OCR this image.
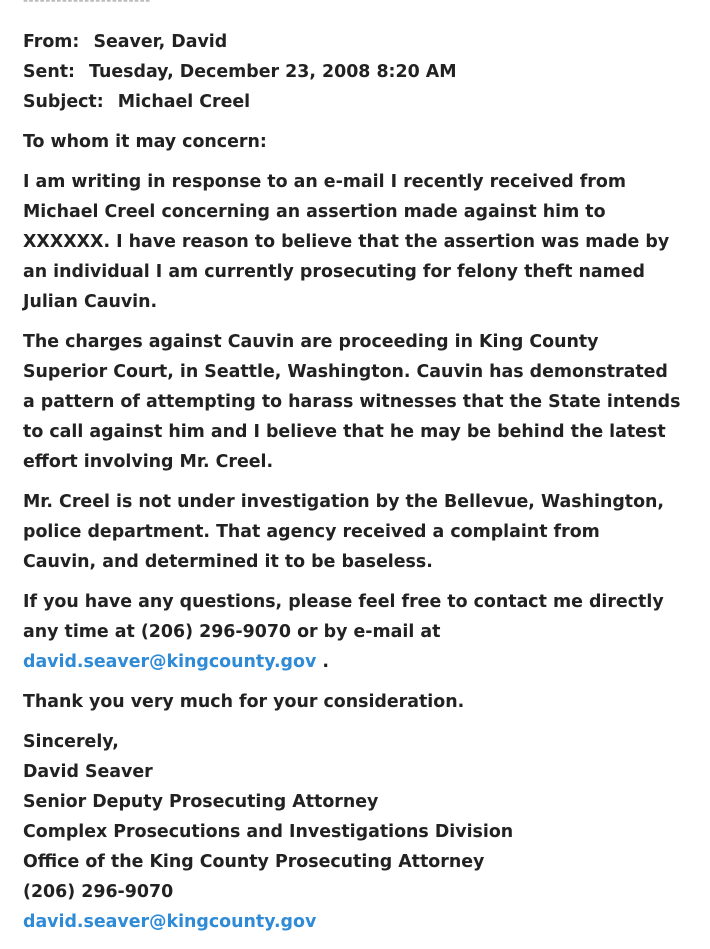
-----------------------
From: Seaver, David
Sent: Tuesday, December 23, 2008 8:20 AM
Subject: Michael Creel
To whom it may concern:
I am writing in response to an e-mail I recently received from
Michael Creel concerning an assertion made against him to
XXXXXX. I have reason to believe that the assertion was made by
an individual I am currently prosecuting for felony theft named
Julian Cauvin.
The charges against Cauvin are proceeding in King County
Superior Court, in Seattle, Washington. Cauvin has demonstrated
a pattern of attempting to harass witnesses that the State intends
to call against him and I believe that he may be behind the latest
effort involving Mr. Creel.
Mr. Creel is not under investigation by the Bellevue, Washington,
police department. That agency received a complaint from
Cauvin, and determined it to be baseless.
If you have any questions, please feel free to contact me directly
any time at (206) 296-9070 or by e-mail at
david.seaver@kingcounty.gov .
Thank you very much for your consideration.
Sincerely,
David Seaver
Senior Deputy Prosecuting Attorney
Complex Prosecutions and Investigations Division
Office of the King County Prosecuting Attorney
(206) 296-9070
david.seaver@kingcounty.gov
